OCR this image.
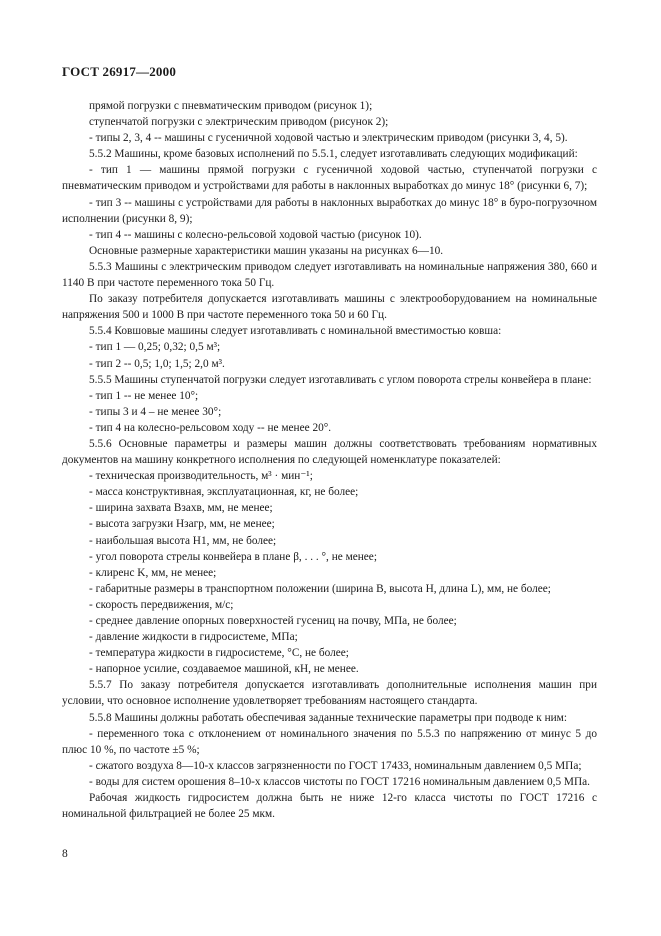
ГОСТ 26917—2000

прямой погрузки с пневматическим приводом (рисунок 1);

ступенчатой погрузки с электрическим приводом (рисунок 2);

- типы 2, 3, 4 -- машины с гусеничной ходовой частью и электрическим приводом (рисунки 3, 4, 5).

5.5.2 Машины, кроме базовых исполнений по 5.5.1, следует изготавливать следующих модификаций:

- тип 1 — машины прямой погрузки с гусеничной ходовой частью, ступенчатой погрузки с пневматическим приводом и устройствами для работы в наклонных выработках до минус 18° (рисунки 6, 7);

- тип 3 -- машины с устройствами для работы в наклонных выработках до минус 18° в буро-погрузочном исполнении (рисунки 8, 9);

- тип 4 -- машины с колесно-рельсовой ходовой частью (рисунок 10).

Основные размерные характеристики машин указаны на рисунках 6—10.

5.5.3 Машины с электрическим приводом следует изготавливать на номинальные напряжения 380, 660 и 1140 В при частоте переменного тока 50 Гц.

По заказу потребителя допускается изготавливать машины с электрооборудованием на номинальные напряжения 500 и 1000 В при частоте переменного тока 50 и 60 Гц.

5.5.4 Ковшовые машины следует изготавливать с номинальной вместимостью ковша:

- тип 1 — 0,25; 0,32; 0,5 м³;

- тип 2 -- 0,5; 1,0; 1,5; 2,0 м³.

5.5.5 Машины ступенчатой погрузки следует изготавливать с углом поворота стрелы конвейера в плане:

- тип 1 -- не менее 10°;

- типы 3 и 4 – не менее 30°;

- тип 4 на колесно-рельсовом ходу -- не менее 20°.

5.5.6 Основные параметры и размеры машин должны соответствовать требованиям нормативных документов на машину конкретного исполнения по следующей номенклатуре показателей:

- техническая производительность, м³ · мин⁻¹;

- масса конструктивная, эксплуатационная, кг, не более;

- ширина захвата Bзахв, мм, не менее;

- высота загрузки Hзагр, мм, не менее;

- наибольшая высота H1, мм, не более;

- угол поворота стрелы конвейера в плане β, . . . °, не менее;

- клиренс K, мм, не менее;

- габаритные размеры в транспортном положении (ширина B, высота H, длина L), мм, не более;

- скорость передвижения, м/с;

- среднее давление опорных поверхностей гусениц на почву, МПа, не более;

- давление жидкости в гидросистеме, МПа;

- температура жидкости в гидросистеме, °С, не более;

- напорное усилие, создаваемое машиной, кН, не менее.

5.5.7 По заказу потребителя допускается изготавливать дополнительные исполнения машин при условии, что основное исполнение удовлетворяет требованиям настоящего стандарта.

5.5.8 Машины должны работать обеспечивая заданные технические параметры при подводе к ним:

- переменного тока с отклонением от номинального значения по 5.5.3 по напряжению от минус 5 до плюс 10 %, по частоте ±5 %;

- сжатого воздуха 8—10-х классов загрязненности по ГОСТ 17433, номинальным давлением 0,5 МПа;

- воды для систем орошения 8–10-х классов чистоты по ГОСТ 17216 номинальным давлением 0,5 МПа.

Рабочая жидкость гидросистем должна быть не ниже 12-го класса чистоты по ГОСТ 17216 с номинальной фильтрацией не более 25 мкм.

8
